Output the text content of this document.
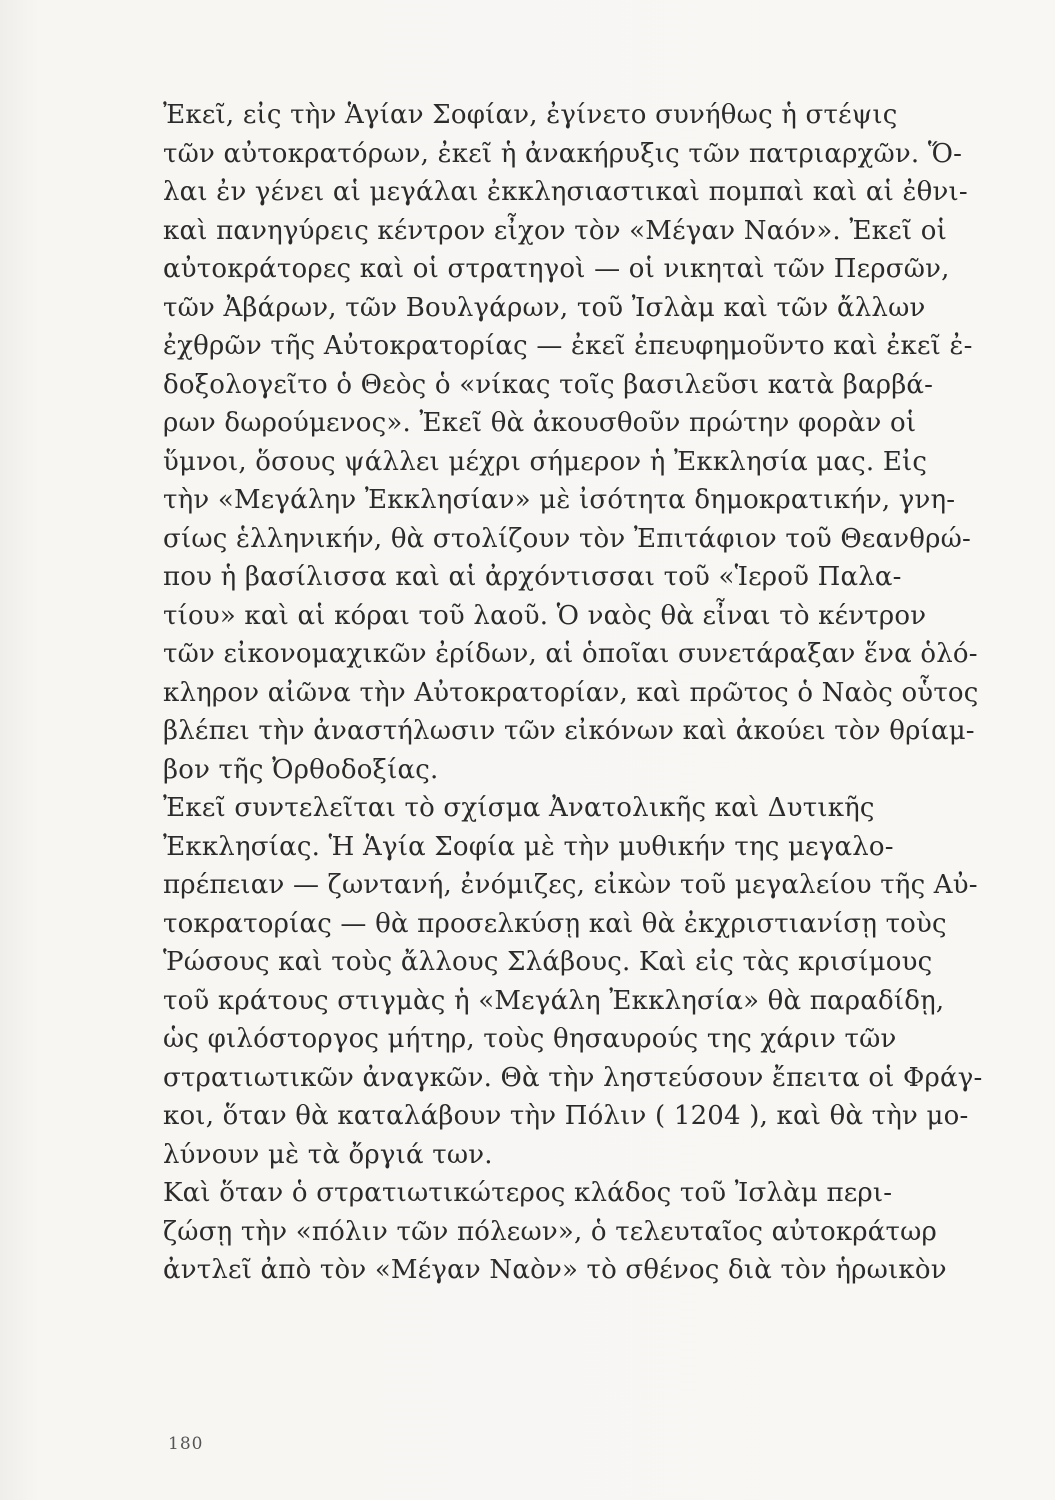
Ἐκεῖ, εἰς τὴν Ἁγίαν Σοφίαν, ἐγίνετο συνήθως ἡ στέψις
τῶν αὐτοκρατόρων, ἐκεῖ ἡ ἀνακήρυξις τῶν πατριαρχῶν. Ὅ-
λαι ἐν γένει αἱ μεγάλαι ἐκκλησιαστικαὶ πομπαὶ καὶ αἱ ἐθνι-
καὶ πανηγύρεις κέντρον εἶχον τὸν «Μέγαν Ναόν». Ἐκεῖ οἱ
αὐτοκράτορες καὶ οἱ στρατηγοὶ — οἱ νικηταὶ τῶν Περσῶν,
τῶν Ἀβάρων, τῶν Βουλγάρων, τοῦ Ἰσλὰμ καὶ τῶν ἄλλων
ἐχθρῶν τῆς Αὐτοκρατορίας — ἐκεῖ ἐπευφημοῦντο καὶ ἐκεῖ ἐ-
δοξολογεῖτο ὁ Θεὸς ὁ «νίκας τοῖς βασιλεῦσι κατὰ βαρβά-
ρων δωρούμενος». Ἐκεῖ θὰ ἀκουσθοῦν πρώτην φορὰν οἱ
ὕμνοι, ὅσους ψάλλει μέχρι σήμερον ἡ Ἐκκλησία μας. Εἰς
τὴν «Μεγάλην Ἐκκλησίαν» μὲ ἰσότητα δημοκρατικήν, γνη-
σίως ἑλληνικήν, θὰ στολίζουν τὸν Ἐπιτάφιον τοῦ Θεανθρώ-
που ἡ βασίλισσα καὶ αἱ ἀρχόντισσαι τοῦ «Ἱεροῦ Παλα-
τίου» καὶ αἱ κόραι τοῦ λαοῦ. Ὁ ναὸς θὰ εἶναι τὸ κέντρον
τῶν εἰκονομαχικῶν ἐρίδων, αἱ ὁποῖαι συνετάραξαν ἕνα ὁλό-
κληρον αἰῶνα τὴν Αὐτοκρατορίαν, καὶ πρῶτος ὁ Ναὸς οὗτος
βλέπει τὴν ἀναστήλωσιν τῶν εἰκόνων καὶ ἀκούει τὸν θρίαμ-
βον τῆς Ὀρθοδοξίας.

Ἐκεῖ συντελεῖται τὸ σχίσμα Ἀνατολικῆς καὶ Δυτικῆς
Ἐκκλησίας. Ἡ Ἁγία Σοφία μὲ τὴν μυθικήν της μεγαλο-
πρέπειαν — ζωντανή, ἐνόμιζες, εἰκὼν τοῦ μεγαλείου τῆς Αὐ-
τοκρατορίας — θὰ προσελκύσῃ καὶ θὰ ἐκχριστιανίσῃ τοὺς
Ῥώσους καὶ τοὺς ἄλλους Σλάβους. Καὶ εἰς τὰς κρισίμους
τοῦ κράτους στιγμὰς ἡ «Μεγάλη Ἐκκλησία» θὰ παραδίδῃ,
ὡς φιλόστοργος μήτηρ, τοὺς θησαυρούς της χάριν τῶν
στρατιωτικῶν ἀναγκῶν. Θὰ τὴν ληστεύσουν ἔπειτα οἱ Φράγ-
κοι, ὅταν θὰ καταλάβουν τὴν Πόλιν ( 1204 ), καὶ θὰ τὴν μο-
λύνουν μὲ τὰ ὄργιά των.

Καὶ ὅταν ὁ στρατιωτικώτερος κλάδος τοῦ Ἰσλὰμ περι-
ζώσῃ τὴν «πόλιν τῶν πόλεων», ὁ τελευταῖος αὐτοκράτωρ
ἀντλεῖ ἀπὸ τὸν «Μέγαν Ναὸν» τὸ σθένος διὰ τὸν ἡρωικὸν

180
